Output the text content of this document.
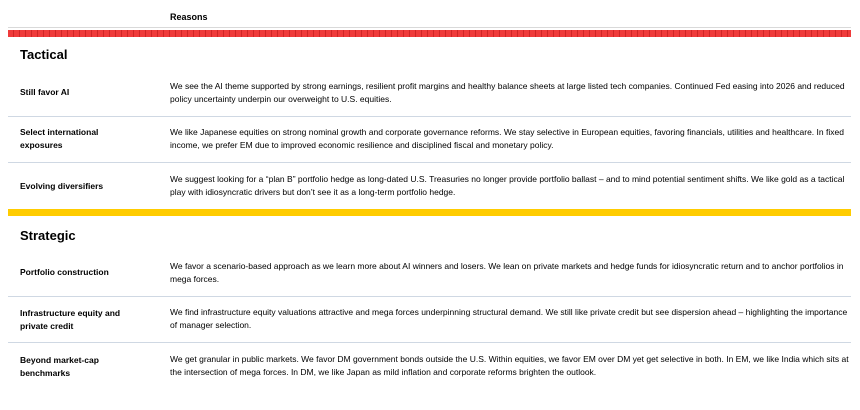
Reasons
Tactical
Still favor AI
We see the AI theme supported by strong earnings, resilient profit margins and healthy balance sheets at large listed tech companies. Continued Fed easing into 2026 and reduced policy uncertainty underpin our overweight to U.S. equities.
Select international exposures
We like Japanese equities on strong nominal growth and corporate governance reforms. We stay selective in European equities, favoring financials, utilities and healthcare. In fixed income, we prefer EM due to improved economic resilience and disciplined fiscal and monetary policy.
Evolving diversifiers
We suggest looking for a “plan B” portfolio hedge as long-dated U.S. Treasuries no longer provide portfolio ballast – and to mind potential sentiment shifts. We like gold as a tactical play with idiosyncratic drivers but don’t see it as a long-term portfolio hedge.
Strategic
Portfolio construction
We favor a scenario-based approach as we learn more about AI winners and losers. We lean on private markets and hedge funds for idiosyncratic return and to anchor portfolios in mega forces.
Infrastructure equity and private credit
We find infrastructure equity valuations attractive and mega forces underpinning structural demand. We still like private credit but see dispersion ahead – highlighting the importance of manager selection.
Beyond market-cap benchmarks
We get granular in public markets. We favor DM government bonds outside the U.S. Within equities, we favor EM over DM yet get selective in both. In EM, we like India which sits at the intersection of mega forces. In DM, we like Japan as mild inflation and corporate reforms brighten the outlook.
